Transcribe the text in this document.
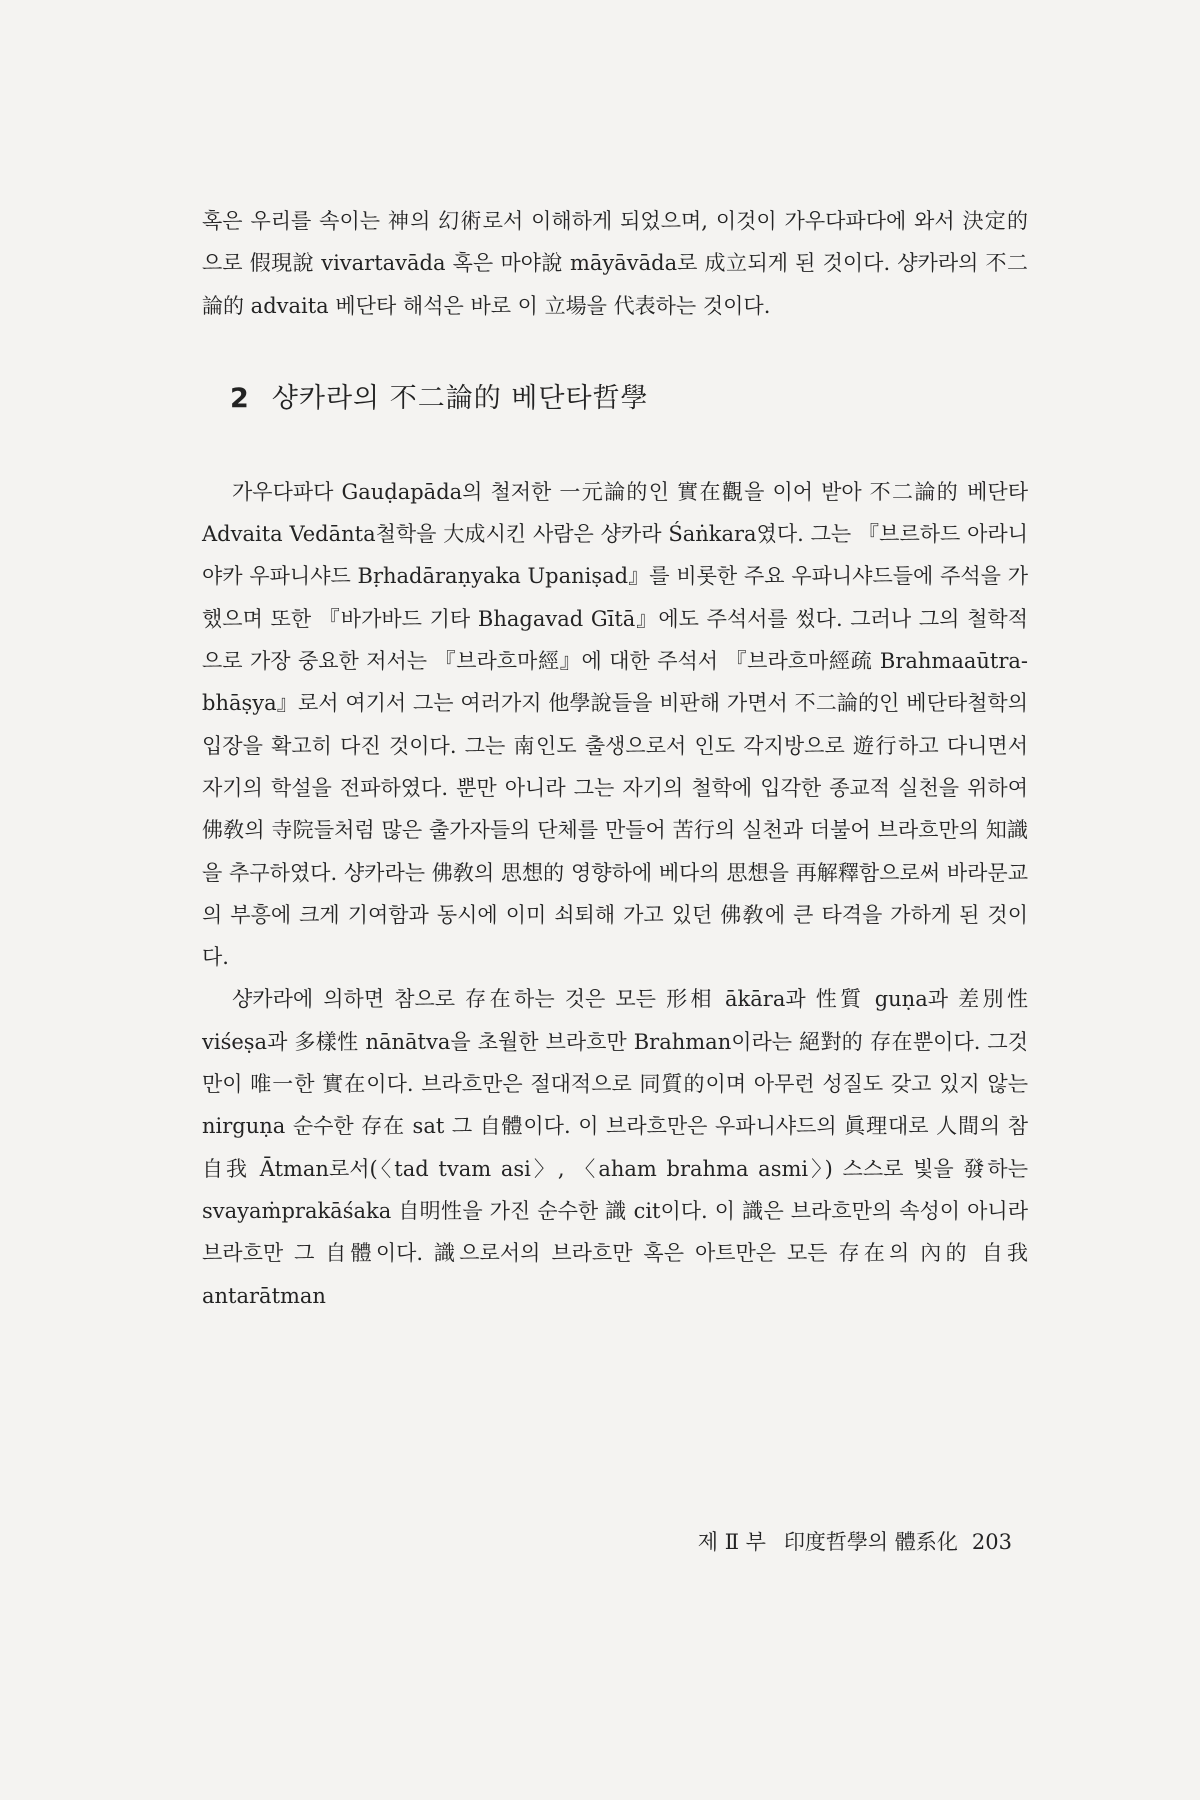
혹은 우리를 속이는 神의 幻術로서 이해하게 되었으며, 이것이 가우다파다에 와서 決定的으로 假現說 vivartavāda 혹은 마야說 māyāvāda로 成立되게 된 것이다. 샹카라의 不二論的 advaita 베단타 해석은 바로 이 立場을 代表하는 것이다.

2 샹카라의 不二論的 베단타哲學

가우다파다 Gauḍapāda의 철저한 一元論的인 實在觀을 이어 받아 不二論的 베단타 Advaita Vedānta철학을 大成시킨 사람은 샹카라 Śaṅkara였다. 그는 『브르하드 아라니야카 우파니샤드 Bṛhadāraṇyaka Upaniṣad』를 비롯한 주요 우파니샤드들에 주석을 가했으며 또한 『바가바드 기타 Bhagavad Gītā』에도 주석서를 썼다. 그러나 그의 철학적으로 가장 중요한 저서는 『브라흐마經』에 대한 주석서 『브라흐마經疏 Brahmaaūtra-bhāṣya』로서 여기서 그는 여러가지 他學說들을 비판해 가면서 不二論的인 베단타철학의 입장을 확고히 다진 것이다. 그는 南인도 출생으로서 인도 각지방으로 遊行하고 다니면서 자기의 학설을 전파하였다. 뿐만 아니라 그는 자기의 철학에 입각한 종교적 실천을 위하여 佛敎의 寺院들처럼 많은 출가자들의 단체를 만들어 苦行의 실천과 더불어 브라흐만의 知識을 추구하였다. 샹카라는 佛敎의 思想的 영향하에 베다의 思想을 再解釋함으로써 바라문교의 부흥에 크게 기여함과 동시에 이미 쇠퇴해 가고 있던 佛敎에 큰 타격을 가하게 된 것이다.

샹카라에 의하면 참으로 存在하는 것은 모든 形相 ākāra과 性質 guṇa과 差別性 viśeṣa과 多樣性 nānātva을 초월한 브라흐만 Brahman이라는 絕對的 存在뿐이다. 그것만이 唯一한 實在이다. 브라흐만은 절대적으로 同質的이며 아무런 성질도 갖고 있지 않는 nirguṇa 순수한 存在 sat 그 自體이다. 이 브라흐만은 우파니샤드의 眞理대로 人間의 참 自我 Ātman로서(〈tad tvam asi〉, 〈aham brahma asmi〉) 스스로 빛을 發하는 svayaṁprakāśaka 自明性을 가진 순수한 識 cit이다. 이 識은 브라흐만의 속성이 아니라 브라흐만 그 自體이다. 識으로서의 브라흐만 혹은 아트만은 모든 存在의 內的 自我 antarātman

제 Ⅱ 부 印度哲學의 體系化 203
